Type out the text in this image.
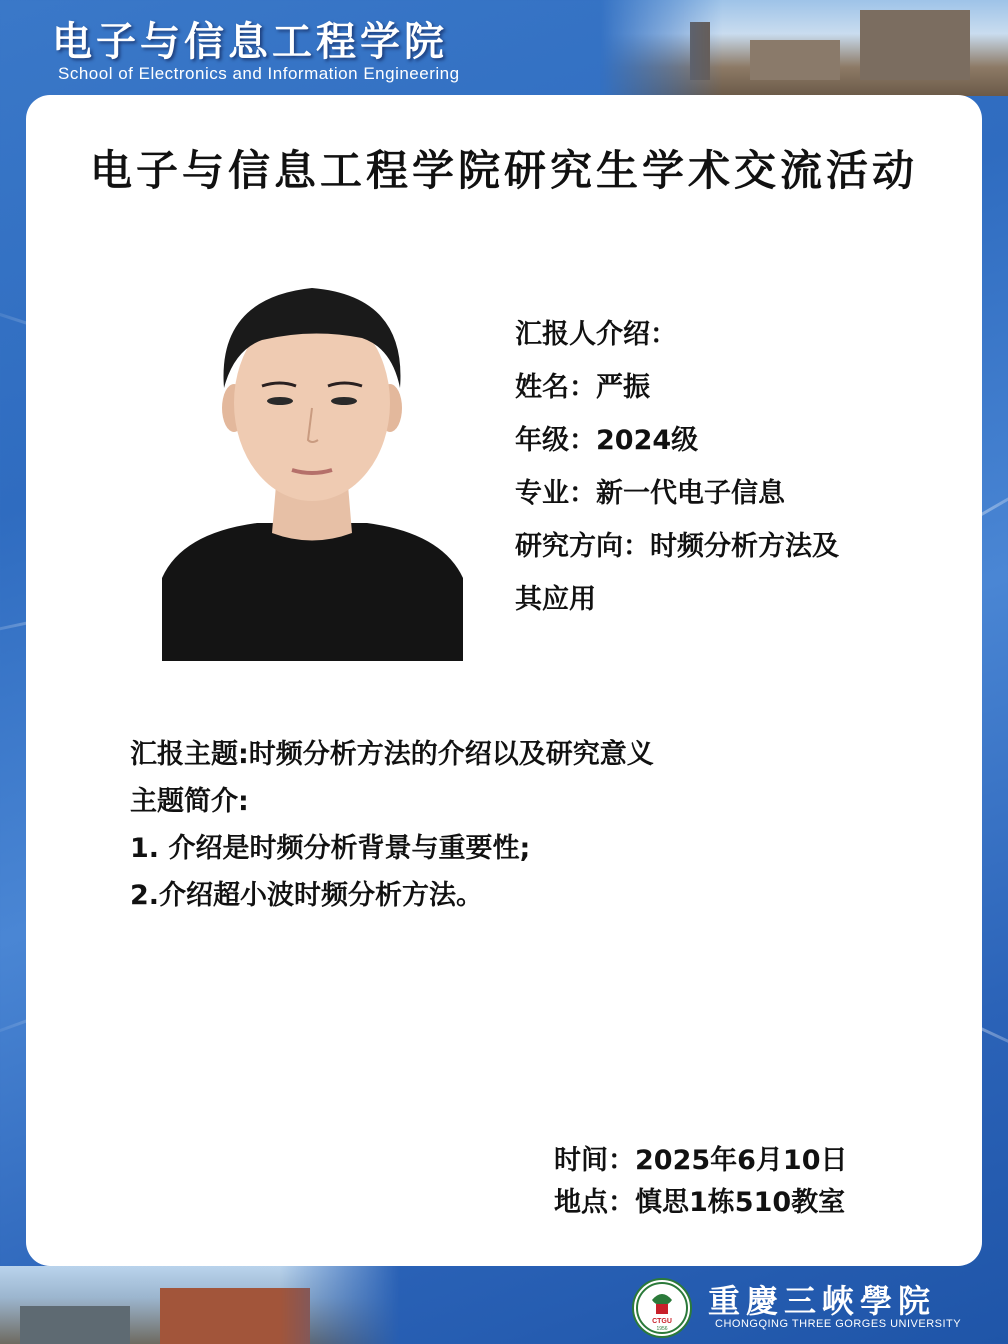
电子与信息工程学院
School of Electronics and Information Engineering
电子与信息工程学院研究生学术交流活动
汇报人介绍：
姓名：严振
年级：2024级
专业：新一代电子信息
研究方向：时频分析方法及
其应用
汇报主题:时频分析方法的介绍以及研究意义
主题简介:
1. 介绍是时频分析背景与重要性;
2.介绍超小波时频分析方法。
时间：2025年6月10日
地点：慎思1栋510教室
CTGU
1956
重慶三峽學院
CHONGQING THREE GORGES UNIVERSITY
